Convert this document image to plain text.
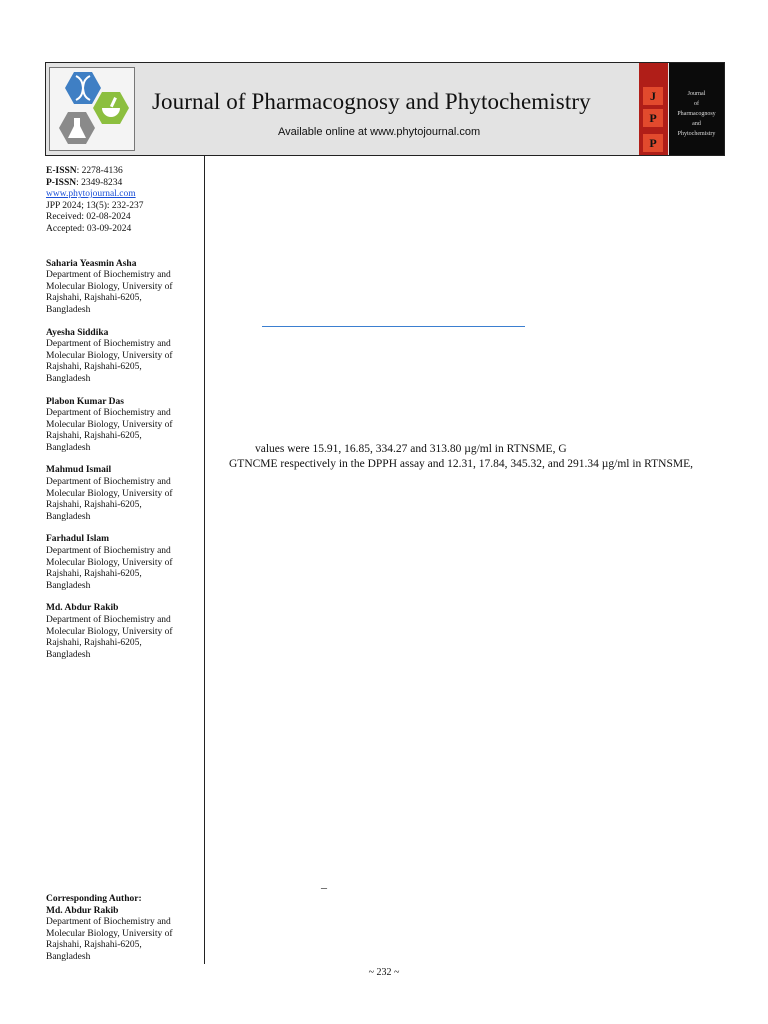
Journal of Pharmacognosy and Phytochemistry
Available online at www.phytojournal.com
J
P
P
Journal
of
Pharmacognosy
and
Phytochemistry
E-ISSN: 2278-4136
P-ISSN: 2349-8234
www.phytojournal.com
JPP 2024; 13(5): 232-237
Received: 02-08-2024
Accepted: 03-09-2024
Saharia Yeasmin Asha
Department of Biochemistry and
Molecular Biology, University of
Rajshahi, Rajshahi-6205,
Bangladesh
Ayesha Siddika
Department of Biochemistry and
Molecular Biology, University of
Rajshahi, Rajshahi-6205,
Bangladesh
Plabon Kumar Das
Department of Biochemistry and
Molecular Biology, University of
Rajshahi, Rajshahi-6205,
Bangladesh
Mahmud Ismail
Department of Biochemistry and
Molecular Biology, University of
Rajshahi, Rajshahi-6205,
Bangladesh
Farhadul Islam
Department of Biochemistry and
Molecular Biology, University of
Rajshahi, Rajshahi-6205,
Bangladesh
Md. Abdur Rakib
Department of Biochemistry and
Molecular Biology, University of
Rajshahi, Rajshahi-6205,
Bangladesh
Corresponding Author:
Md. Abdur Rakib
Department of Biochemistry and
Molecular Biology, University of
Rajshahi, Rajshahi-6205,
Bangladesh
values were 15.91, 16.85, 334.27 and 313.80 µg/ml in RTNSME, G
GTNCME respectively in the DPPH assay and 12.31, 17.84, 345.32, and 291.34 µg/ml in RTNSME,
–
~ 232 ~
